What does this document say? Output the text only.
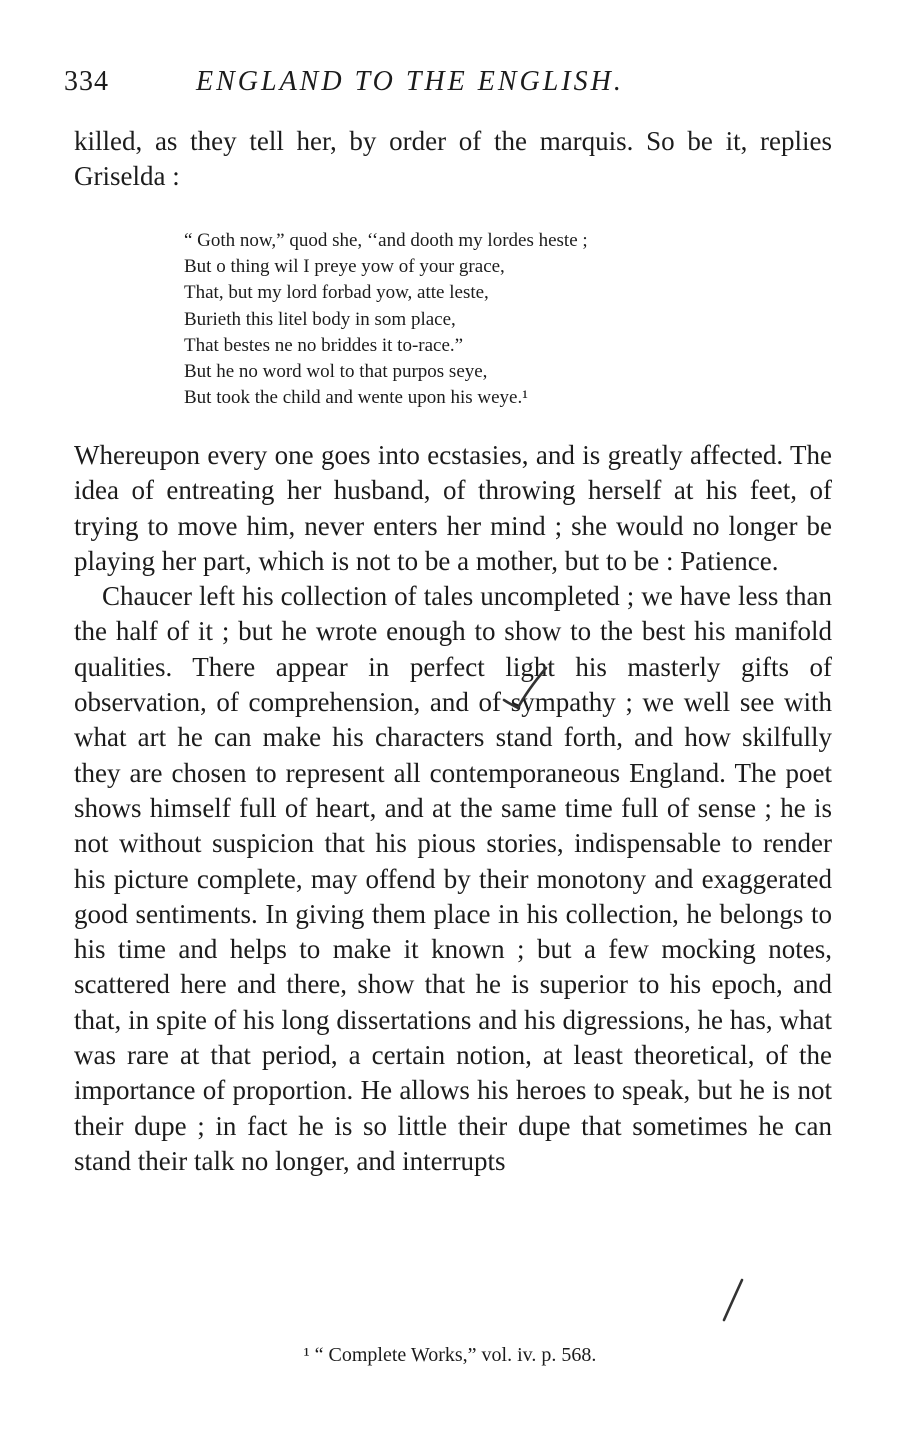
334	ENGLAND TO THE ENGLISH.

killed, as they tell her, by order of the marquis. So be it, replies Griselda :

“ Goth now,” quod she, ‘‘and dooth my lordes heste ;
But o thing wil I preye yow of your grace,
That, but my lord forbad yow, atte leste,
Burieth this litel body in som place,
That bestes ne no briddes it to-race.”
But he no word wol to that purpos seye,
But took the child and wente upon his weye.¹

Whereupon every one goes into ecstasies, and is greatly affected. The idea of entreating her husband, of throwing herself at his feet, of trying to move him, never enters her mind ; she would no longer be playing her part, which is not to be a mother, but to be : Patience.

Chaucer left his collection of tales uncompleted ; we have less than the half of it ; but he wrote enough to show to the best his manifold qualities. There appear in perfect light his masterly gifts of observation, of comprehension, and of sympathy ; we well see with what art he can make his characters stand forth, and how skilfully they are chosen to represent all contemporaneous England. The poet shows himself full of heart, and at the same time full of sense ; he is not without suspicion that his pious stories, indispensable to render his picture complete, may offend by their monotony and exaggerated good sentiments. In giving them place in his collection, he belongs to his time and helps to make it known ; but a few mocking notes, scattered here and there, show that he is superior to his epoch, and that, in spite of his long dissertations and his digressions, he has, what was rare at that period, a certain notion, at least theoretical, of the importance of proportion. He allows his heroes to speak, but he is not their dupe ; in fact he is so little their dupe that sometimes he can stand their talk no longer, and interrupts

¹ “ Complete Works,” vol. iv. p. 568.
